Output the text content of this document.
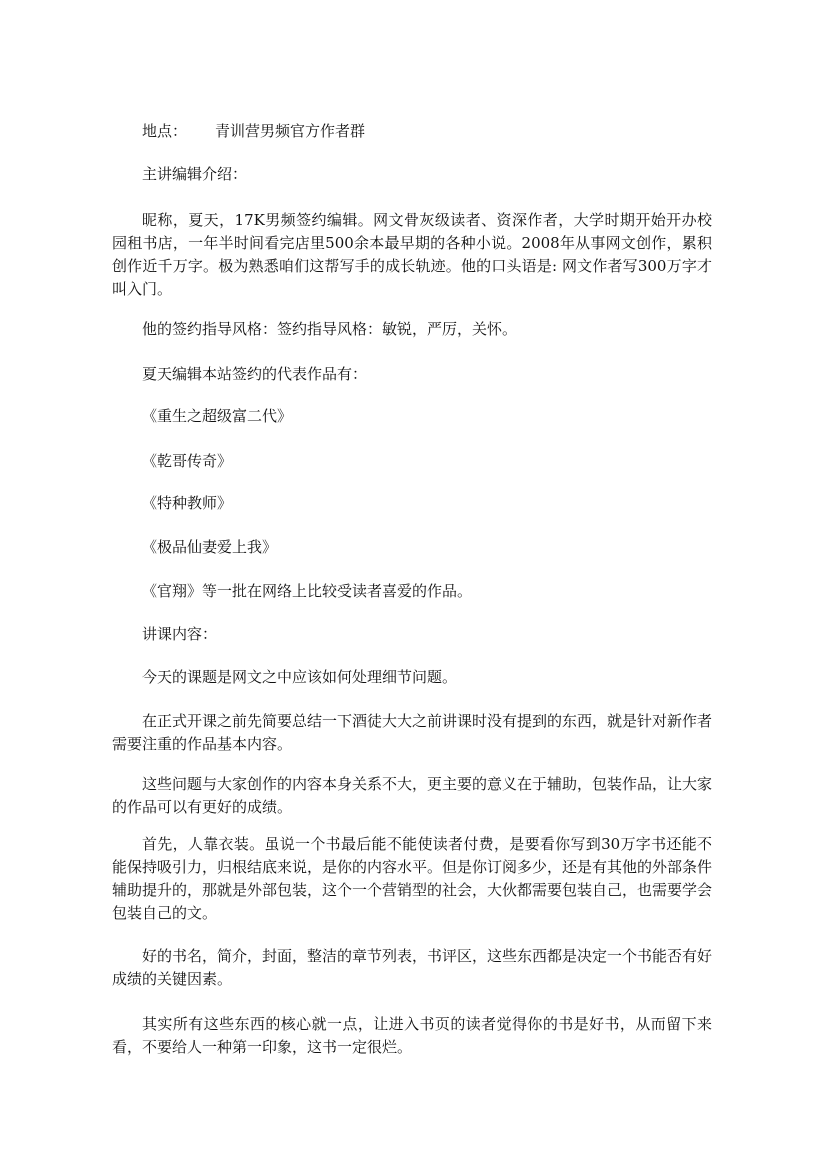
地点： 青训营男频官方作者群

主讲编辑介绍：

昵称，夏天，17K男频签约编辑。网文骨灰级读者、资深作者，大学时期开始开办校园租书店，一年半时间看完店里500余本最早期的各种小说。2008年从事网文创作，累积创作近千万字。极为熟悉咱们这帮写手的成长轨迹。他的口头语是: 网文作者写300万字才叫入门。

他的签约指导风格：签约指导风格：敏锐，严厉，关怀。

夏天编辑本站签约的代表作品有：

《重生之超级富二代》

《乾哥传奇》

《特种教师》

《极品仙妻爱上我》

《官翔》等一批在网络上比较受读者喜爱的作品。

讲课内容：

今天的课题是网文之中应该如何处理细节问题。

在正式开课之前先简要总结一下酒徒大大之前讲课时没有提到的东西，就是针对新作者需要注重的作品基本内容。

这些问题与大家创作的内容本身关系不大，更主要的意义在于辅助，包装作品，让大家的作品可以有更好的成绩。

首先，人靠衣装。虽说一个书最后能不能使读者付费，是要看你写到30万字书还能不能保持吸引力，归根结底来说，是你的内容水平。但是你订阅多少，还是有其他的外部条件辅助提升的，那就是外部包装，这个一个营销型的社会，大伙都需要包装自己，也需要学会包装自己的文。

好的书名，简介，封面，整洁的章节列表，书评区，这些东西都是决定一个书能否有好成绩的关键因素。

其实所有这些东西的核心就一点，让进入书页的读者觉得你的书是好书，从而留下来看，不要给人一种第一印象，这书一定很烂。
